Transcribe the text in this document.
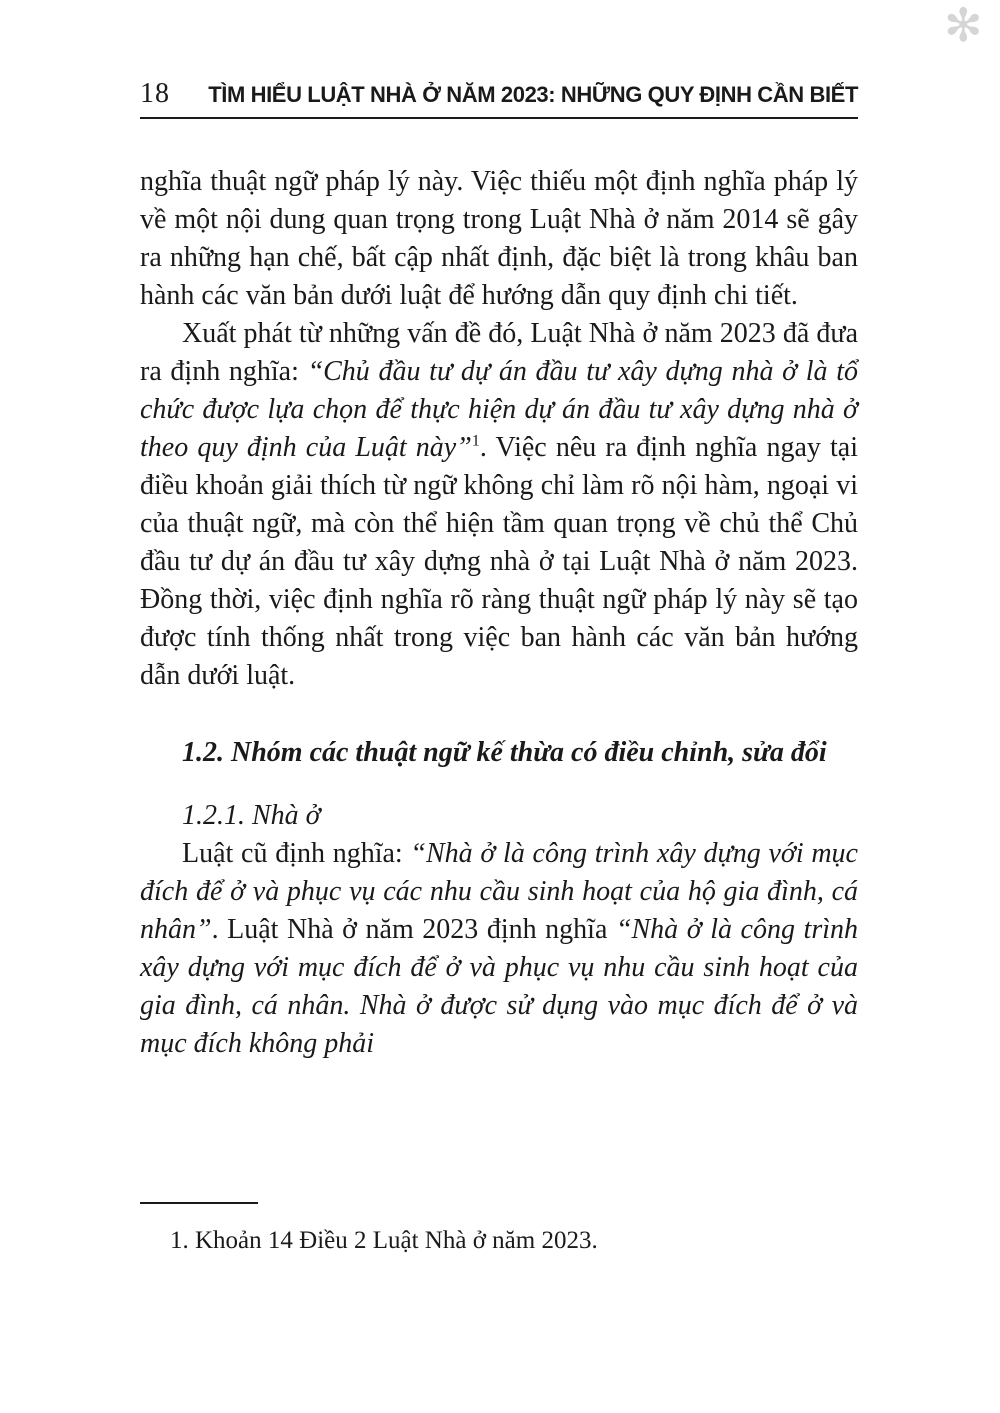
✻
18 TÌM HIỂU LUẬT NHÀ Ở NĂM 2023: NHỮNG QUY ĐỊNH CẦN BIẾT

nghĩa thuật ngữ pháp lý này. Việc thiếu một định nghĩa pháp lý về một nội dung quan trọng trong Luật Nhà ở năm 2014 sẽ gây ra những hạn chế, bất cập nhất định, đặc biệt là trong khâu ban hành các văn bản dưới luật để hướng dẫn quy định chi tiết.

Xuất phát từ những vấn đề đó, Luật Nhà ở năm 2023 đã đưa ra định nghĩa: “Chủ đầu tư dự án đầu tư xây dựng nhà ở là tổ chức được lựa chọn để thực hiện dự án đầu tư xây dựng nhà ở theo quy định của Luật này”$^1$. Việc nêu ra định nghĩa ngay tại điều khoản giải thích từ ngữ không chỉ làm rõ nội hàm, ngoại vi của thuật ngữ, mà còn thể hiện tầm quan trọng về chủ thể Chủ đầu tư dự án đầu tư xây dựng nhà ở tại Luật Nhà ở năm 2023. Đồng thời, việc định nghĩa rõ ràng thuật ngữ pháp lý này sẽ tạo được tính thống nhất trong việc ban hành các văn bản hướng dẫn dưới luật.

1.2. Nhóm các thuật ngữ kế thừa có điều chỉnh, sửa đổi

1.2.1. Nhà ở

Luật cũ định nghĩa: “Nhà ở là công trình xây dựng với mục đích để ở và phục vụ các nhu cầu sinh hoạt của hộ gia đình, cá nhân”. Luật Nhà ở năm 2023 định nghĩa “Nhà ở là công trình xây dựng với mục đích để ở và phục vụ nhu cầu sinh hoạt của gia đình, cá nhân. Nhà ở được sử dụng vào mục đích để ở và mục đích không phải

1. Khoản 14 Điều 2 Luật Nhà ở năm 2023.
